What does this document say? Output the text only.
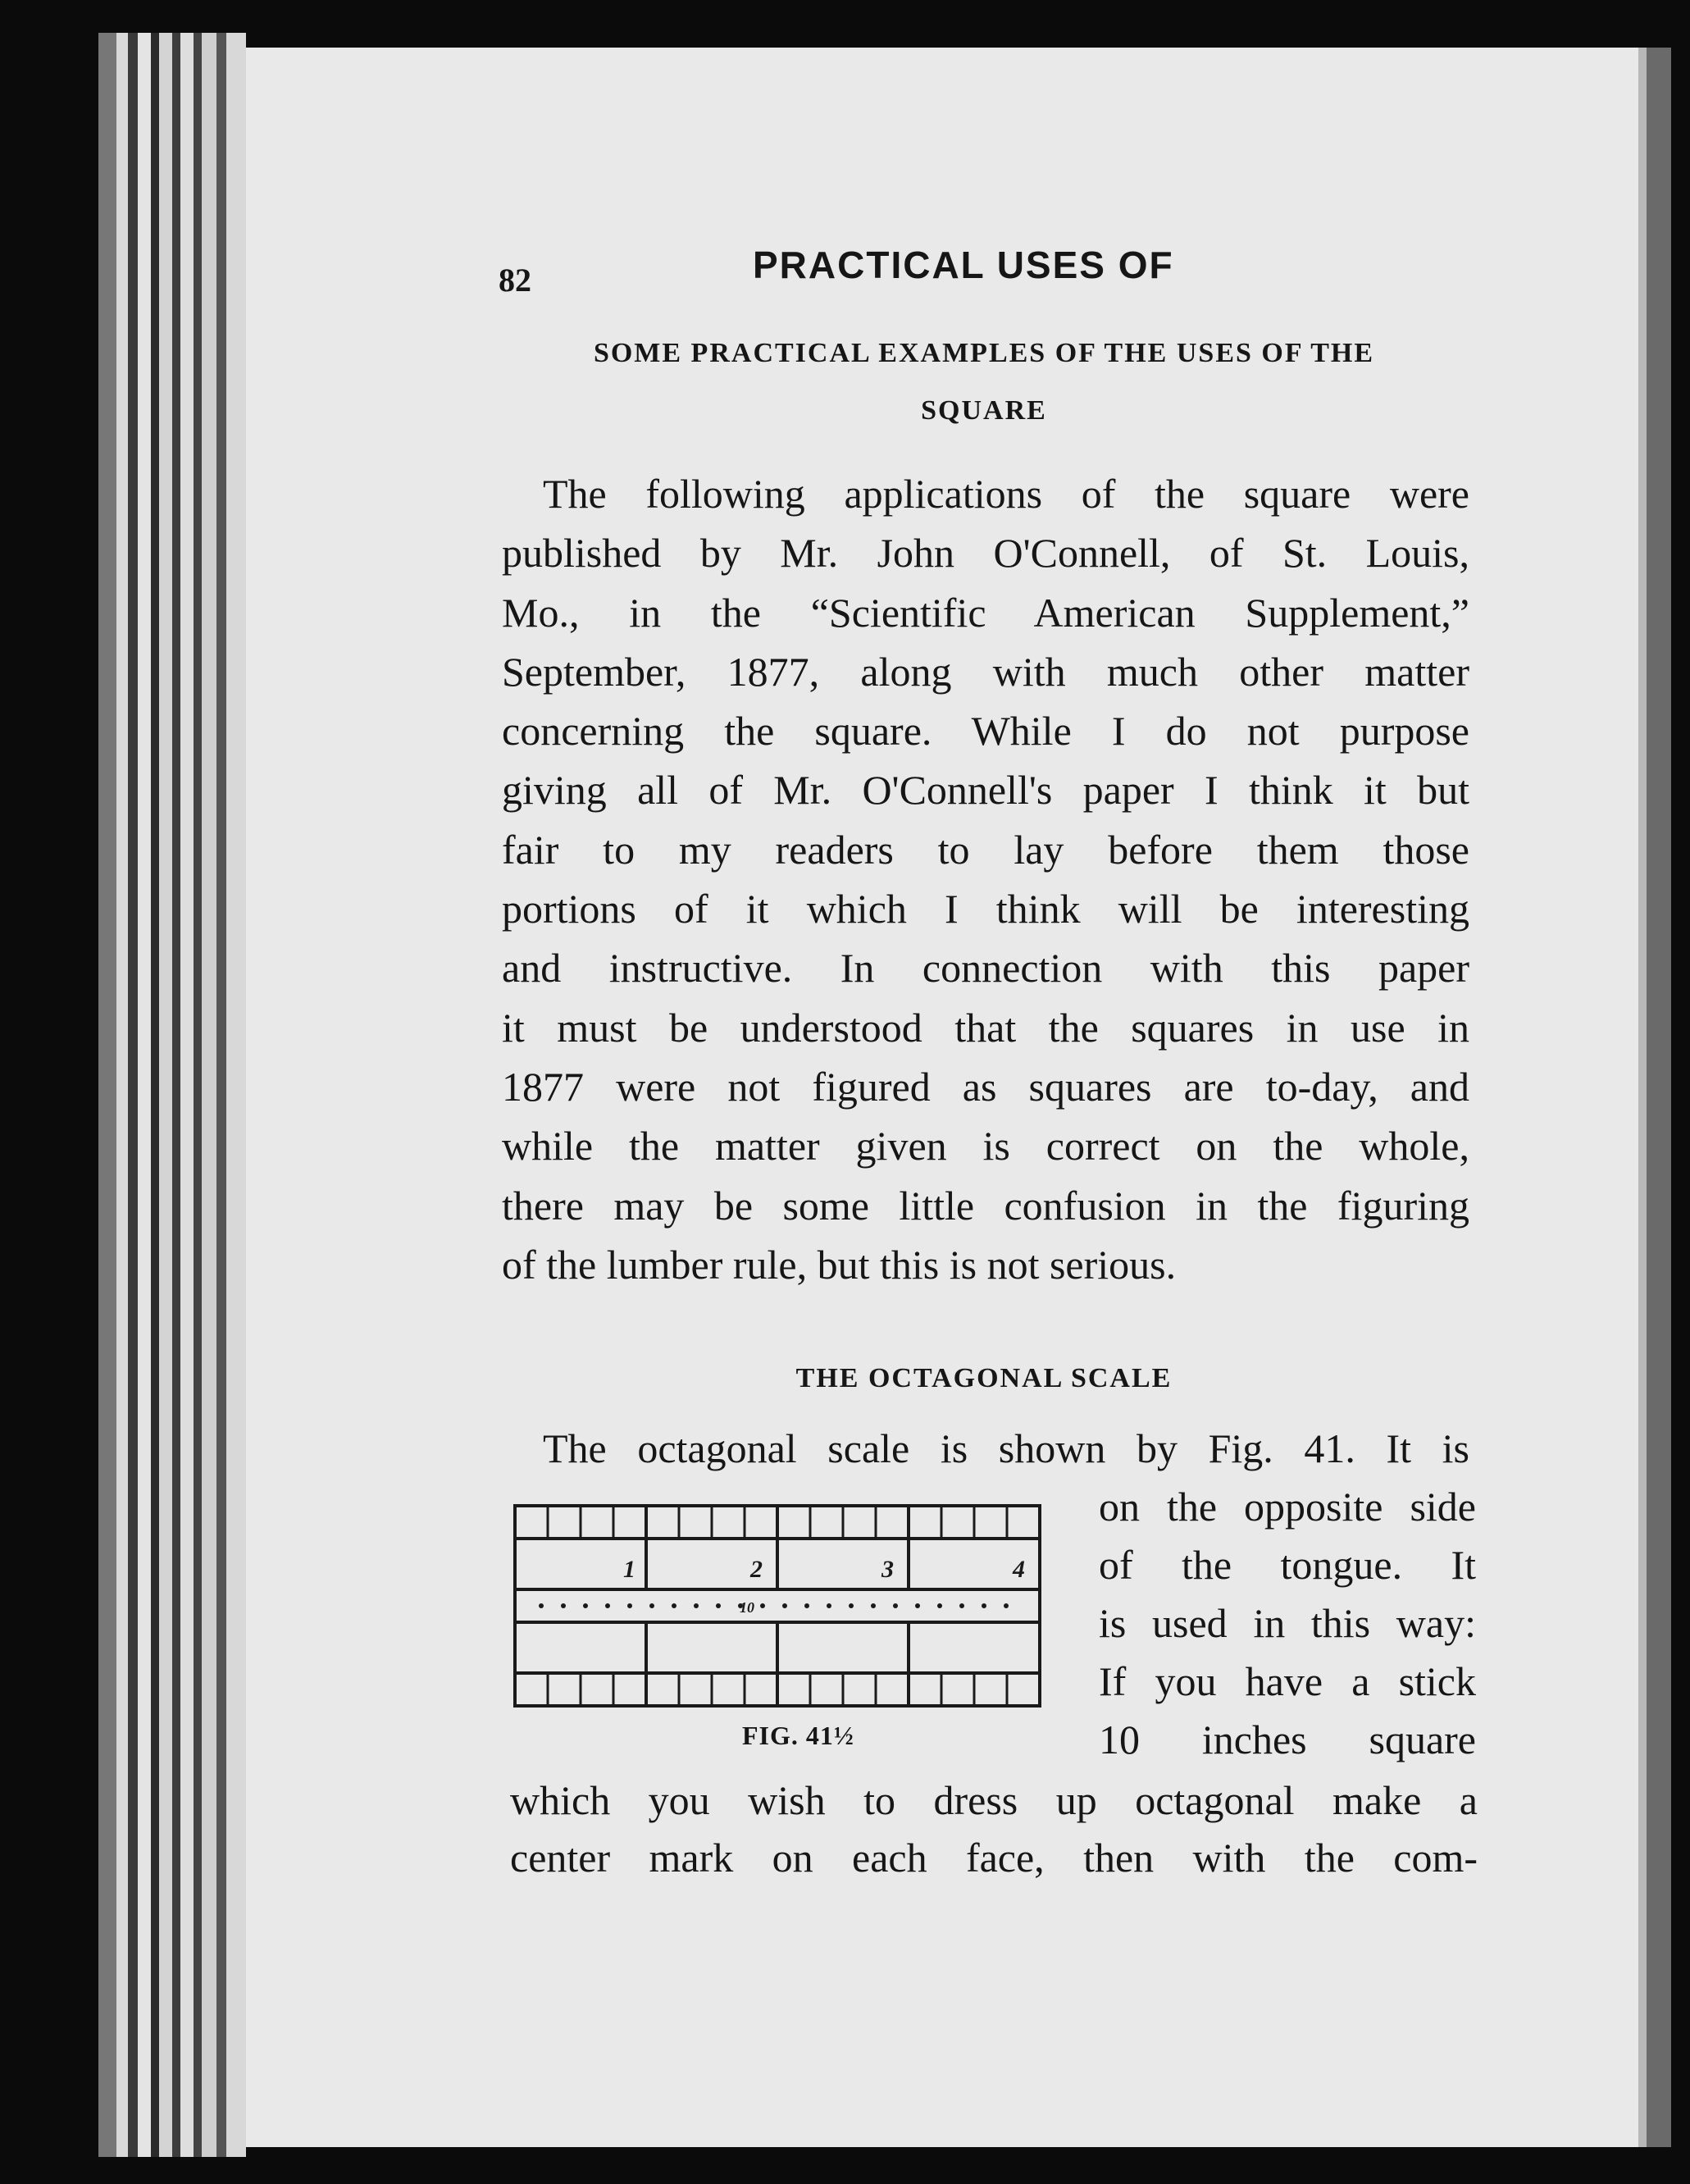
82	PRACTICAL USES OF
SOME PRACTICAL EXAMPLES OF THE USES OF THE
SQUARE
The following applications of the square were
published by Mr. John O'Connell, of St. Louis,
Mo., in the “Scientific American Supplement,”
September, 1877, along with much other matter
concerning the square. While I do not purpose
giving all of Mr. O'Connell's paper I think it but
fair to my readers to lay before them those
portions of it which I think will be interesting
and instructive. In connection with this paper
it must be understood that the squares in use in
1877 were not figured as squares are to-day, and
while the matter given is correct on the whole,
there may be some little confusion in the figuring
of the lumber rule, but this is not serious.
THE OCTAGONAL SCALE
The octagonal scale is shown by Fig. 41. It is
on the opposite side
of the tongue. It
is used in this way:
If you have a stick
10 inches square
1	2	3	4
10
FIG. 41½
which you wish to dress up octagonal make a
center mark on each face, then with the com-
